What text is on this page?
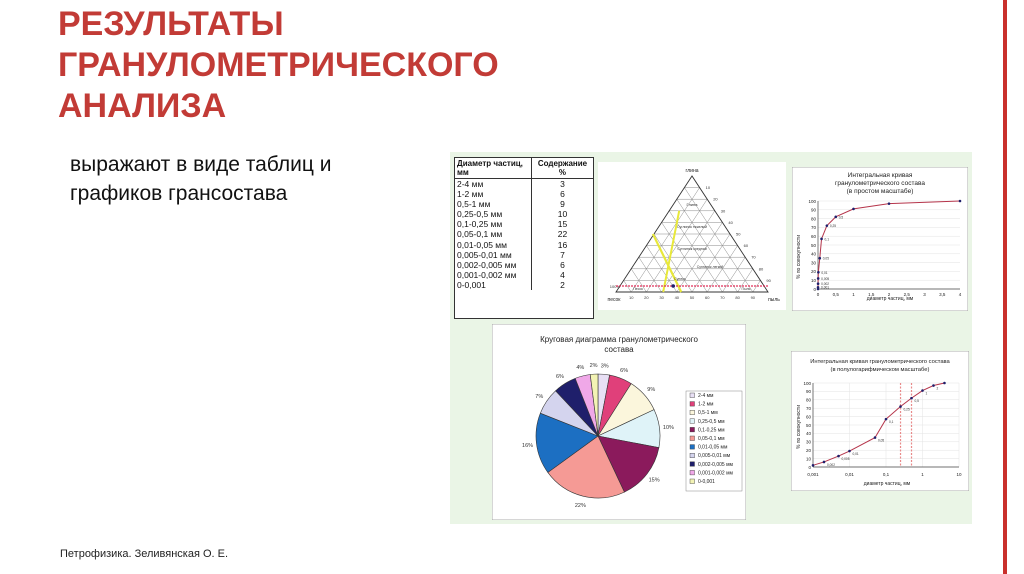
РЕЗУЛЬТАТЫ
ГРАНУЛОМЕТРИЧЕСКОГО
АНАЛИЗА
выражают в виде таблиц и
графиков грансостава
Диаметр частиц, мм	Содержание %
2-4 мм	3
1-2 мм	6
0,5-1 мм	9
0,25-0,5 мм	10
0,1-0,25 мм	15
0,05-0,1 мм	22
0,01-0,05 мм	16
0,005-0,01 мм	7
0,002-0,005 мм	6
0,001-0,002 мм	4
0-0,001	2
10
20
30
40
50
60
70
80
90
10	20	30	40	50	60	70	80	90
100%
глина
песок	пыль
Глина
Суглинок тяжелый
Суглинок средний
Суглинок легкий
Супесь
Песок	Пыль
Интегральная кривая
гранулометрического состава
(в простом масштабе)
% по совокупности
диаметр частиц, мм
0
10
20
30
40
50
60
70
80
90
100
0	0,5	1	1,5	2	2,5	3	3,5	4
0,001
0,002
0,005
0,01
0,05
0,1
0,25
0,5
Круговая диаграмма гранулометрического
состава
3%
6%
9%
10%
15%
22%
16%
7%
6%
4% 2%
2-4 мм
1-2 мм
0,5-1 мм
0,25-0,5 мм
0,1-0,25 мм
0,05-0,1 мм
0,01-0,05 мм
0,005-0,01 мм
0,002-0,005 мм
0,001-0,002 мм
0-0,001
Интегральная кривая гранулометрического состава
(в полулогарифмическом масштабе)
% по совокупности
диаметр частиц, мм
0
10
20
30
40
50
60
70
80
90
100
0,001	0,01	0,1	1	10
0,002
0,005
0,01
0,05
0,1
0,25
0,5
1
2
Петрофизика. Зеливянская О. Е.
